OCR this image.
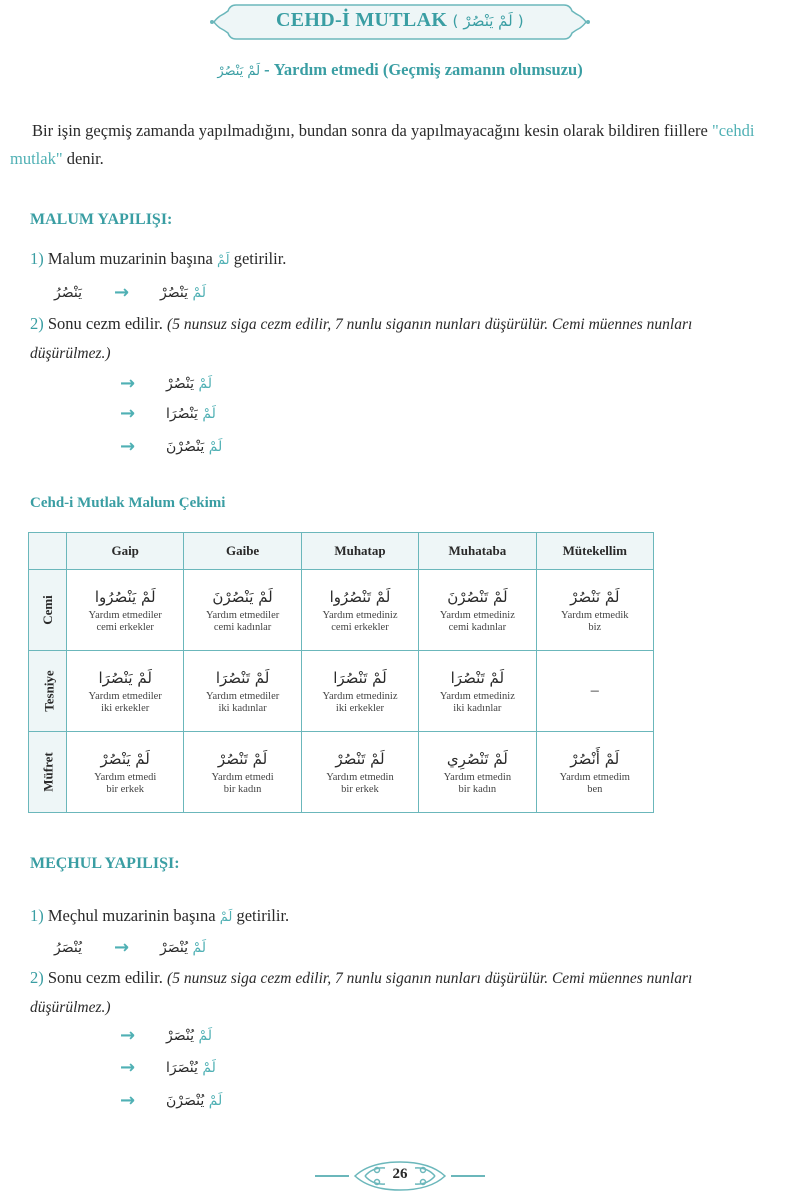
CEHD-İ MUTLAK ( لَمْ يَنْصُرْ )
لَمْ يَنْصُرْ - Yardım etmedi (Geçmiş zamanın olumsuzu)
Bir işin geçmiş zamanda yapılmadığını, bundan sonra da yapılmayacağını kesin olarak bildiren fiillere "cehdi mutlak" denir.
MALUM YAPILIŞI:
1) Malum muzarinin başına لَمْ getirilir.
يَنْصُرُ	→	لَمْ يَنْصُرْ
2) Sonu cezm edilir. (5 nunsuz siga cezm edilir, 7 nunlu siganın nunları düşürülür. Cemi müennes nunları düşürülmez.)
→	لَمْ يَنْصُرْ
→	لَمْ يَنْصُرَا
→	لَمْ يَنْصُرْنَ
Cehd-i Mutlak Malum Çekimi
	Gaip	Gaibe	Muhatap	Muhataba	Mütekellim
Cemi	لَمْ يَنْصُرُوا
Yardım etmediler
cemi erkekler	لَمْ يَنْصُرْنَ
Yardım etmediler
cemi kadınlar	لَمْ تَنْصُرُوا
Yardım etmediniz
cemi erkekler	لَمْ تَنْصُرْنَ
Yardım etmediniz
cemi kadınlar	لَمْ نَنْصُرْ
Yardım etmedik
biz

Tesniye	لَمْ يَنْصُرَا
Yardım etmediler
iki erkekler	لَمْ تَنْصُرَا
Yardım etmediler
iki kadınlar	لَمْ تَنْصُرَا
Yardım etmediniz
iki erkekler	لَمْ تَنْصُرَا
Yardım etmediniz
iki kadınlar	–
Müfret	لَمْ يَنْصُرْ
Yardım etmedi
bir erkek	لَمْ تَنْصُرْ
Yardım etmedi
bir kadın	لَمْ تَنْصُرْ
Yardım etmedin
bir erkek	لَمْ تَنْصُرِي
Yardım etmedin
bir kadın	لَمْ أَنْصُرْ
Yardım etmedim
ben
MEÇHUL YAPILIŞI:
1) Meçhul muzarinin başına لَمْ getirilir.
يُنْصَرُ	→	لَمْ يُنْصَرْ
2) Sonu cezm edilir. (5 nunsuz siga cezm edilir, 7 nunlu siganın nunları düşürülür. Cemi müennes nunları düşürülmez.)
→	لَمْ يُنْصَرْ
→	لَمْ يُنْصَرَا
→	لَمْ يُنْصَرْنَ
26
